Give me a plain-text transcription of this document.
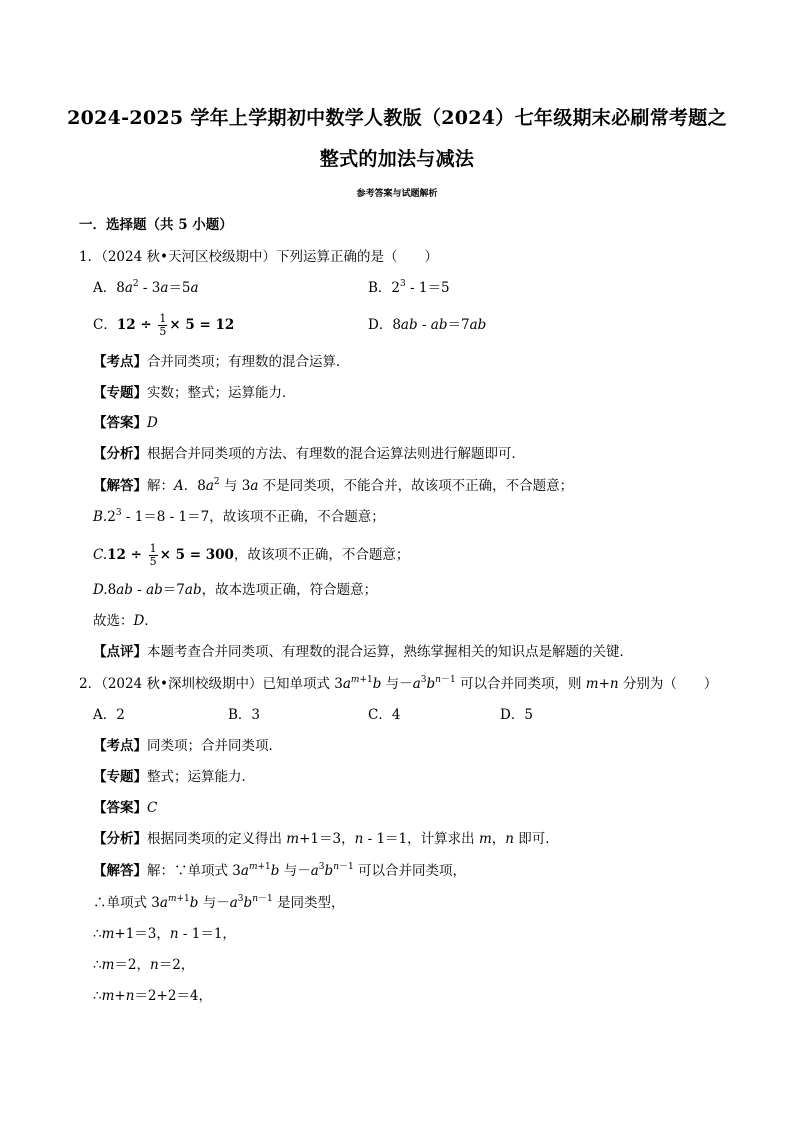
2024-2025 学年上学期初中数学人教版（2024）七年级期末必刷常考题之
整式的加法与减法
参考答案与试题解析
一．选择题（共 5 小题）
1．（2024 秋•天河区校级期中）下列运算正确的是（　　）
A．$8a^2 - 3a=5a$	B．$2^3 - 1=5$
C．$12 \div \frac{1}{5} \times 5 = 12$	D．8ab - ab＝7ab
【考点】合并同类项；有理数的混合运算．
【专题】实数；整式；运算能力．
【答案】D
【分析】根据合并同类项的方法、有理数的混合运算法则进行解题即可．
【解答】解：A．$8a^2$ 与 3a 不是同类项，不能合并，故该项不正确，不合题意；
$B.2^3 - 1=8 - 1=7$，故该项不正确，不合题意；
$C.12 \div \frac{1}{5} \times 5 = 300$，故该项不正确，不合题意；
D.8ab - ab＝7ab，故本选项正确，符合题意；
故选：D．
【点评】本题考查合并同类项、有理数的混合运算，熟练掌握相关的知识点是解题的关键．
2．（2024 秋•深圳校级期中）已知单项式 $3a^{m+1}b$ 与$-a^3b^{n-1}$ 可以合并同类项，则 m+n 分别为（　　）
A．2	B．3	C．4	D．5
【考点】同类项；合并同类项．
【专题】整式；运算能力．
【答案】C
【分析】根据同类项的定义得出 m+1＝3，n - 1＝1，计算求出 m，n 即可．
【解答】解：∵单项式 $3a^{m+1}b$ 与$-a^3b^{n-1}$ 可以合并同类项，
∴单项式 $3a^{m+1}b$ 与$-a^3b^{n-1}$ 是同类型，
∴m+1＝3，n - 1＝1，
∴m＝2，n＝2，
∴m+n＝2+2＝4，
